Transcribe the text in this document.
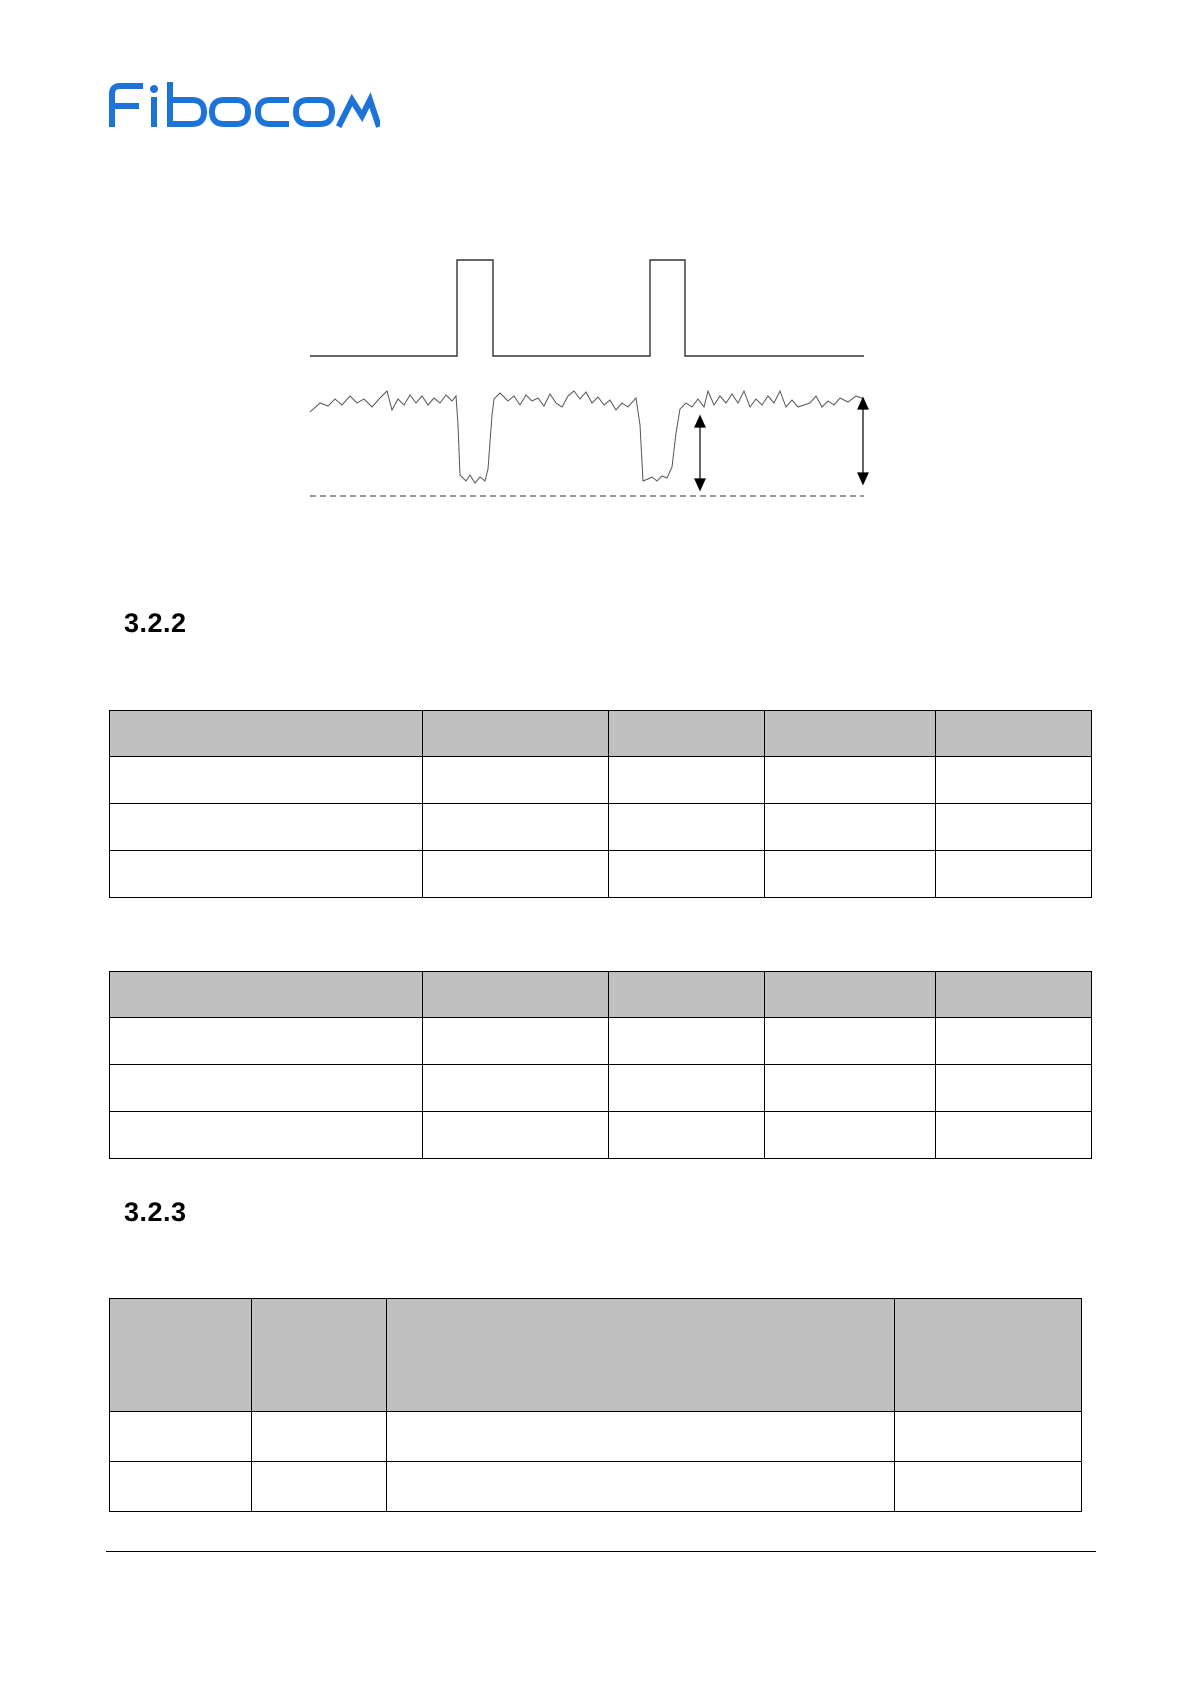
3.2.2

3.2.3
